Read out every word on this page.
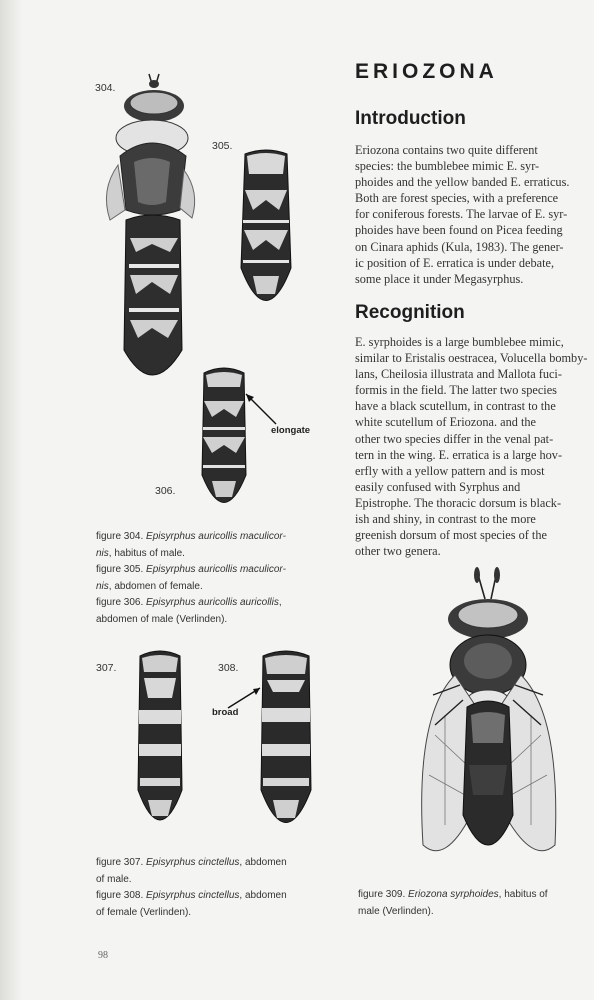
304.
305.
306.
elongate
307.	308.
broad

figure 304. Episyrphus auricollis maculicor-

nis, habitus of male.

figure 305. Episyrphus auricollis maculicor-

nis, abdomen of female.

figure 306. Episyrphus auricollis auricollis,

abdomen of male (Verlinden).

figure 307. Episyrphus cinctellus, abdomen

of male.

figure 308. Episyrphus cinctellus, abdomen

of female (Verlinden).

98
ERIOZONA
Introduction
Eriozona contains two quite different
species: the bumblebee mimic E. syr-
phoides and the yellow banded E. erraticus.
Both are forest species, with a preference
for coniferous forests. The larvae of E. syr-
phoides have been found on Picea feeding
on Cinara aphids (Kula, 1983). The gener-
ic position of E. erratica is under debate,
some place it under Megasyrphus.
Recognition
E. syrphoides is a large bumblebee mimic,
similar to Eristalis oestracea, Volucella bomby-
lans, Cheilosia illustrata and Mallota fuci-
formis in the field. The latter two species
have a black scutellum, in contrast to the
white scutellum of Eriozona. and the
other two species differ in the venal pat-
tern in the wing. E. erratica is a large hov-
erfly with a yellow pattern and is most
easily confused with Syrphus and
Epistrophe. The thoracic dorsum is black-
ish and shiny, in contrast to the more
greenish dorsum of most species of the
other two genera.

figure 309. Eriozona syrphoides, habitus of

male (Verlinden).
